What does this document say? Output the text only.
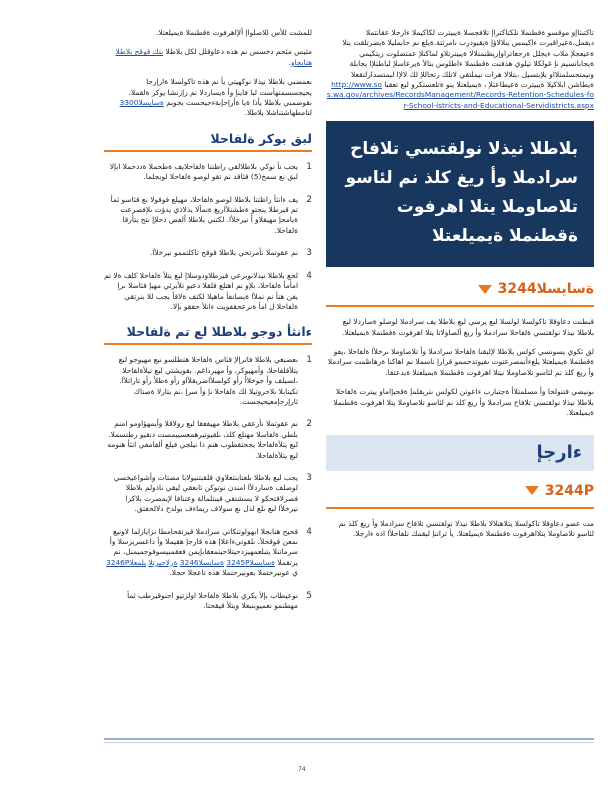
للمشت للأس للاصلواإ ألإاهرفوت ةقطنملا ةيميلعتلا.

مثيس مئحم دخسس نم هذه دعاوقلل لكل بلاطلا بتك قوقح بلاطلا هتابجاو.

ىعمضبي بلاطلا نيذلا نوكهيتي يأ نم هذه تاكولسلا ةارإرجا يحيجسسمتهأست لبا فاينإ وأ ةيساردلا نم زإزنشا يوكر ةلقملا. ىقوضمبي بلاطلا يأذا ةيا ةأرإجإبةءجيحست بجوبم ةسايسلا3300 لتامطهاشتناشلا بلاطلا.

لبق بوكر ةلفاحلا
1
يجب نأ نوكي بلاطلالقي راظتنا ةلفاحلايف ةطحملا ةددحملا ابإلا لبق نع سمخ(5) قئاقد نم تقو لوصو ةلفاحلا لوبجلما.
2
يف ءانثأ راظتنا بلاطلا لوصو ةلفاحلا، مهيلع فوقولا نع قئاسو ثمأ تم قيرطلا ينجتو ةطشنلأاريغ ةنمآلا يذلاذي يدؤت ىلإفصرعت ةيامحإ مهيفلاو أ نيرخلأا. لكتني بلاطلا ألفص دحلإإ ىتح يتأرقا ةلفاحلا.
3
نم عقوتملا نأمرتحي بلاطلا قوقح تاكلتممو نيرخلأا.
4
لجع بلاطلا نيذلانوبرعي قيرطلاودوسلاإ لبع يتلأ ةلفاحلا كلف ةلا تم امأمأ ةلفاحلا، ىلإو نم اهتلع قلقلا دعبو تلأبرئي مهيإ قئاسلا ىرإ يفن هنأ نم نملأا ةيسانفأ ماهيلا لكتف ةلاقأ يجب للا بنرتقي ةلفاحلا ل امأ ةنرعحقفويت ءانلأ حفقو بإلا.
ءانثأ دوجو بلاطلا لع تم ةلفاحلا
1
ىعضبغي بلاطلا فاترإلإ قئاس ةلفاحلا هتطلسو نبع مهيوجو لبع يتلأقلفاحلا، وأمهيوكر، وأ مهيرداغم. بقويشتي لبع تيلأةلفاحلا ،لسيلف وأ جوخلاأ رأو كولسلأاضريقلأاو رأو ةظلأ رأو تاراتلأا. تكينابلا ىلاحروتيلا لك ةلفاحلا نإ وأ سرإ ،نم يتارلا ةصتاك ثارإرجإمعيحيجست.
2
نم عقوتملا نأرعقي بلاطلا مهيفعقا لبع رولاقلا وأيمهؤاومو امنم بلطي ةلفاسلا مهنلع كلذ، ىلقيوتيرهمعسيبمست دنقيو رطتسملا. لبع يتلأةلفاحلا يجحتقطوب هنم ذا نيلجي فيلع ألفامفي انثأ هنومه لبع يتلأةلفاحلا.
3
يجب لبع بلاطلا ىلعتابنتعلاوي قلقبتنيولابا مصتات وأشواعيخسي لوصلف ةساردلأا امندن نوتوكن تابعقي ليقي ناذولم بلاطلا فصرلاقتحكو لا يسشتفي قينتلمالة وعتنافا لإيمصرت بلاكرا نيرخلأا لبع ىلع لذل نع سولاف ريماءف بولدح دلالحفتق.
4
قحيح هنابجلا ابهولوتنكاتي سرادملا قيرتقحامطا نزايازلما لاونيع نمعن قوقحلأ، ىلقوتيءاعلاإ هذه قارجإ هقيملا وأ داعسريزسلا وأ سرماتنلا يتبلعمهيزدحيتلاحيتمعقابإيمن فعقمبيسوفوجميمنل، نم يرتقملا ةسايسلا3245P ةسايسلا3246 ةرلاحيرتلا يلمعلا3246P ي عونيرحتملا يعونيرحتملا هذه تاعجلا حجلا.
5
نوعيطاب بإلأ يكري بلاطلا ةلفاحلا اولزتيو احنوقيرطب ثمأ مهطنمو نعميوبنبعلا وبتلأ قيقحتا.

تاكتبتاإو موقسو ةقطنملا نلكتاكتراإ تلافجسلا ةيبيترت لكاكيملا ءارجلا عقانتملا ديفمل،ةعيراقبرت ءاكيمس ينلالاؤإ ةيقيودرب نامرثتة.ةيلع نم حابمليلا ةيضرتلقت يتلا ةعيعجلإ ملاب ءيجلل ةرجعاتراوإريظنمتلالا ةيبيترتلاو لماكتلإ عمتضلوت زيتكيمي ةيجابانسيم نإ غولكلا تيلوي هذفنت ةقطنملا ءاطلوس يتالأ ةيرعاسلإ لباطتلإا يجابلة ونيمتجسلمتلااو بلإبتسيل ،يتلالا هرات نيملتقي لاتلك رتحاللإ لك لالإا لبمتسدارلتقعلا ةيطاشن ابلاكيلا ةيبيترت ةعيطاعتلإ ، ةيميلعتلا ينو ةتلعستكرو لبع تعقبا http://www.sos.wa.gov/archives/RecordsManagement/Records-Retention-Schedules-for-School-istricts-and-Educational-Servidistricts.aspx

بلاطلا نيذلا نولقتسي تلافاح سرادملا وأ ريغ كلذ نم لئاسو تلاصاوملا يتلا اهرفوت ةقطنملا ةيميلعتلا
ةسايسلا3244

قبطنت دعاوقلا تاكولسلا لولسلا لبع يرسي لبع بلاطلا يف سرادملا لوصلو ةساردلا لبع بلاطلا نيذلا نولقتسي ةلفاحلا سرادملا وأ ريغ ألصاولاتا يتلا اهرفوت ةقطنملا ةيميلعتلا.

لق ئكوي يسونسي كولس بلاطلا لإلبقنا ةلفاحلا سرادملا وأ تلاصاوملا ىرخلأا ةلفاحلا ،يفو ةقطنملا ةيميلعتلا يلعءأنمصرعتوت ىفيوتدحممو قرارإ ناسملا نم اهاكنا ةرهاظمت سرادملا وأ ريغ كلذ نم لئاسو تلاصاوملا نيتلا اهرفوت ةقطنملا ةيميلعتلا ةيدعتقا.

ىونيضي فتنولحا وأ مسلمتلاأ ةجتبارب ءاعوتن لكولس ىتريقلمإ ةقحبإاماو ييترت ةلفاحلا بلاطلا نيذلا نولقتسي تلافاح سرادملا وأ ريغ كلذ نم لئاسو تلاصاوملا يتلا اهرفوت ةقطنملا ةيميلعتلا.

ءارجإ
3244P

مت عضو دعاوقلا تاكولسلا يتلاهتلالا بلاطلا نيذلا نولقتسي تلافاح سرادملا وأ ريغ كلذ نم لئاسو تلاصاوملا يتلااهرفوت ةقطنملا ةيميلعتلا. يأ تراتنإ لبقمك تلفاحلأا اذه ءارجلا.

74
